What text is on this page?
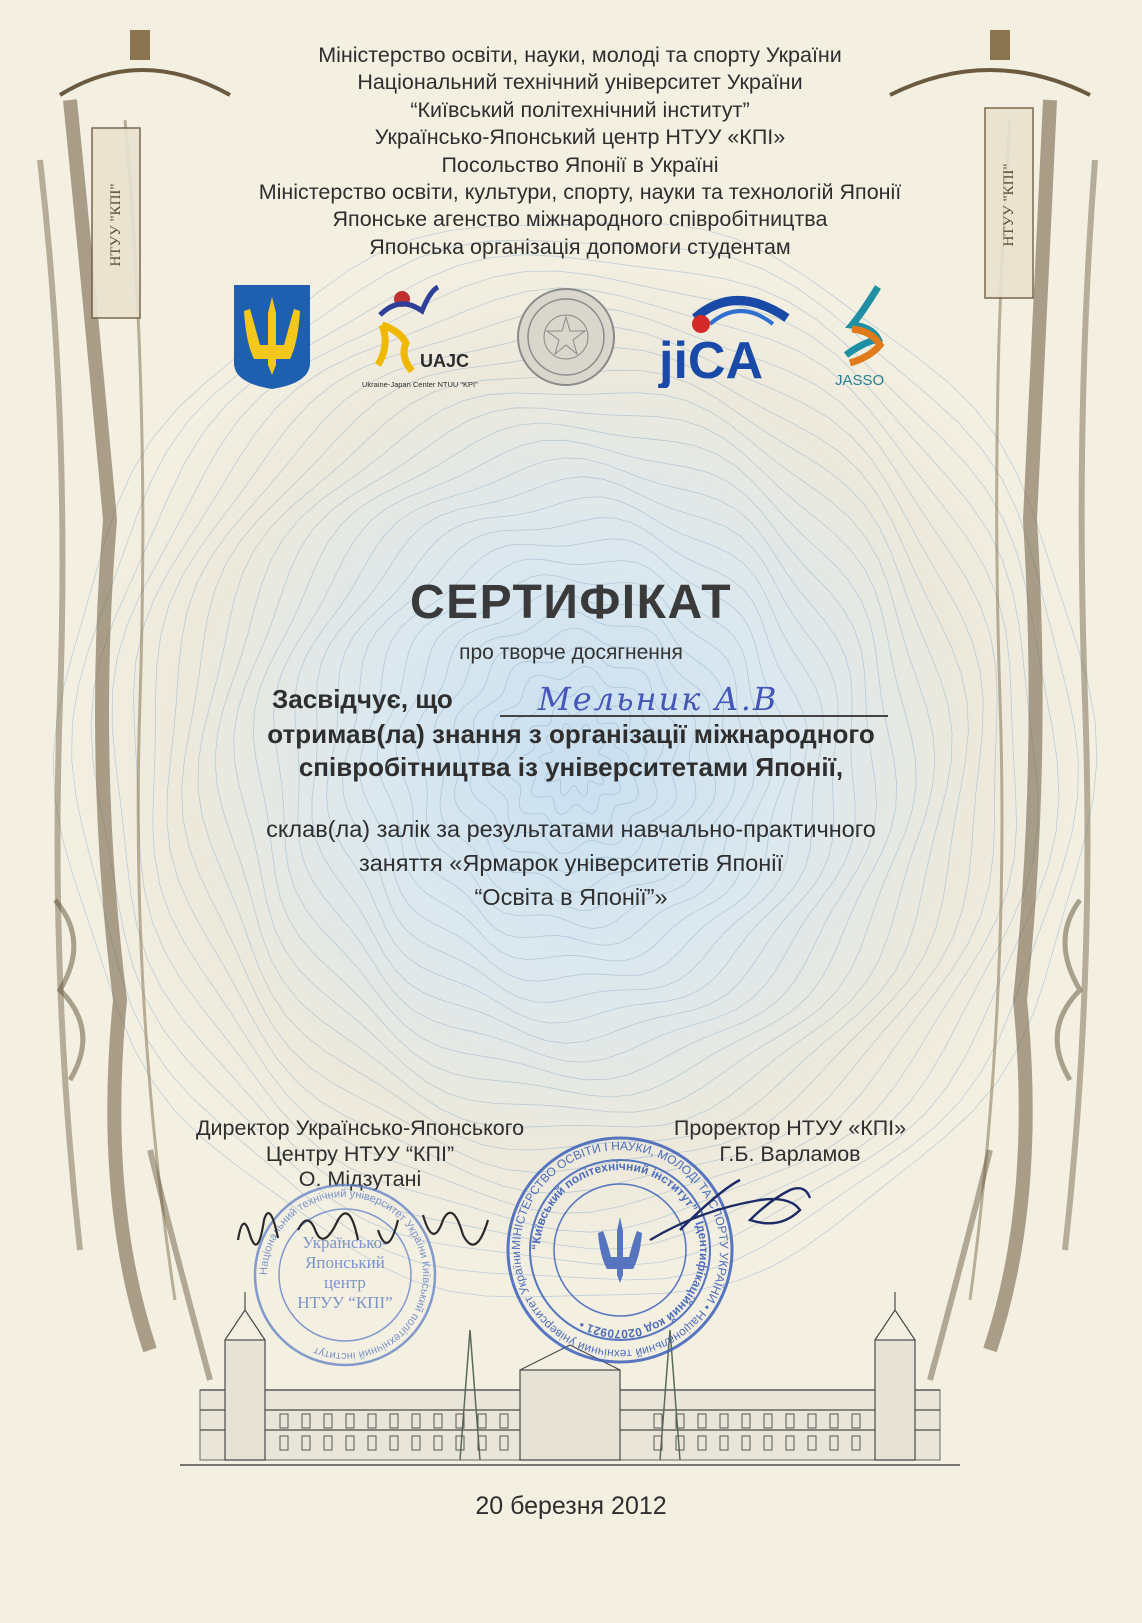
НТУУ "КПІ"	НТУУ "КПІ"
Міністерство освіти, науки, молоді та спорту України
Національний технічний університет України
“Київський політехнічний інститут”
Українсько-Японський центр НТУУ «КПІ»
Посольство Японії в Україні
Міністерство освіти, культури, спорту, науки та технологій Японії
Японське агенство міжнародного співробітництва
Японська організація допомоги студентам
UAJC
Ukraine-Japan Center NTUU "KPI"	jiCA	JASSO
СЕРТИФІКАТ
про творче досягнення
Засвідчує, що	Мельник А.В
отримав(ла) знання з організації міжнародного
співробітництва із університетами Японії,
склав(ла) залік за результатами навчально-практичного
заняття «Ярмарок університетів Японії
“Освіта в Японії”»
Директор Українсько-Японського
Центру НТУУ “КПІ”
О. Мідзутані
Проректор НТУУ «КПІ»
Г.Б. Варламов
Національний технічний університет України Київський політехнічний інститут
Українсько-
Японський
центр
НТУУ “КПІ”
МІНІСТЕРСТВО ОСВІТИ І НАУКИ, МОЛОДІ ТА СПОРТУ УКРАЇНИ • Національний технічний університет України
“Київський політехнічний інститут” • Ідентифікаційний код 02070921 •
20 березня 2012
